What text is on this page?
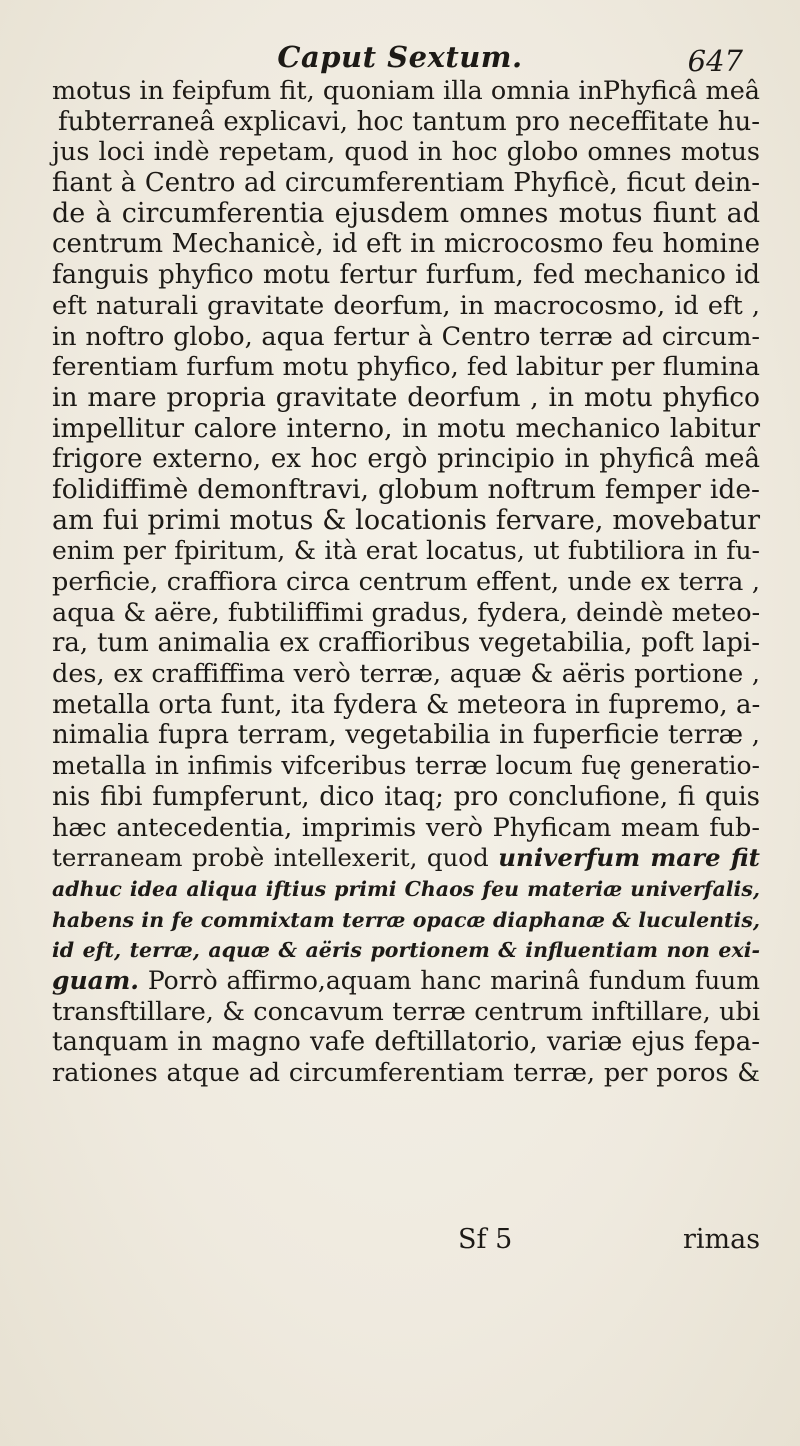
Caput Sextum.	647
motus in feipfum fit, quoniam illa omnia inPhyficâ meâ
fubterraneâ explicavi, hoc tantum pro neceffitate hu-
jus loci indè repetam, quod in hoc globo omnes motus
fiant à Centro ad circumferentiam Phyficè, ficut dein-
de à circumferentia ejusdem omnes motus fiunt ad
centrum Mechanicè, id eft in microcosmo feu homine
fanguis phyfico motu fertur furfum, fed mechanico id
eft naturali gravitate deorfum, in macrocosmo, id eft ,
in noftro globo, aqua fertur à Centro terræ ad circum-
ferentiam furfum motu phyfico, fed labitur per flumina
in mare propria gravitate deorfum , in motu phyfico
impellitur calore interno, in motu mechanico labitur
frigore externo, ex hoc ergò principio in phyficâ meâ
folidiffimè demonftravi, globum noftrum femper ide-
am fui primi motus & locationis fervare, movebatur
enim per fpiritum, & ità erat locatus, ut fubtiliora in fu-
perficie, craffiora circa centrum effent, unde ex terra ,
aqua & aëre, fubtiliffimi gradus, fydera, deindè meteo-
ra, tum animalia ex craffioribus vegetabilia, poft lapi-
des, ex craffiffima verò terræ, aquæ & aëris portione ,
metalla orta funt, ita fydera & meteora in fupremo, a-
nimalia fupra terram, vegetabilia in fuperficie terræ ,
metalla in infimis vifceribus terræ locum fuę generatio-
nis fibi fumpferunt, dico itaq; pro conclufione, fi quis
hæc antecedentia, imprimis verò Phyficam meam fub-
terraneam probè intellexerit, quod univerfum mare fit
adhuc idea aliqua iftius primi Chaos feu materiæ univerfalis,
habens in fe commixtam terræ opacæ diaphanæ & luculentis,
id eft, terræ, aquæ & aëris portionem & influentiam non exi-
guam. Porrò affirmo,aquam hanc marinâ fundum fuum
transftillare, & concavum terræ centrum inftillare, ubi
tanquam in magno vafe deftillatorio, variæ ejus fepa-
rationes atque ad circumferentiam terræ, per poros &
Sf 5	rimas
